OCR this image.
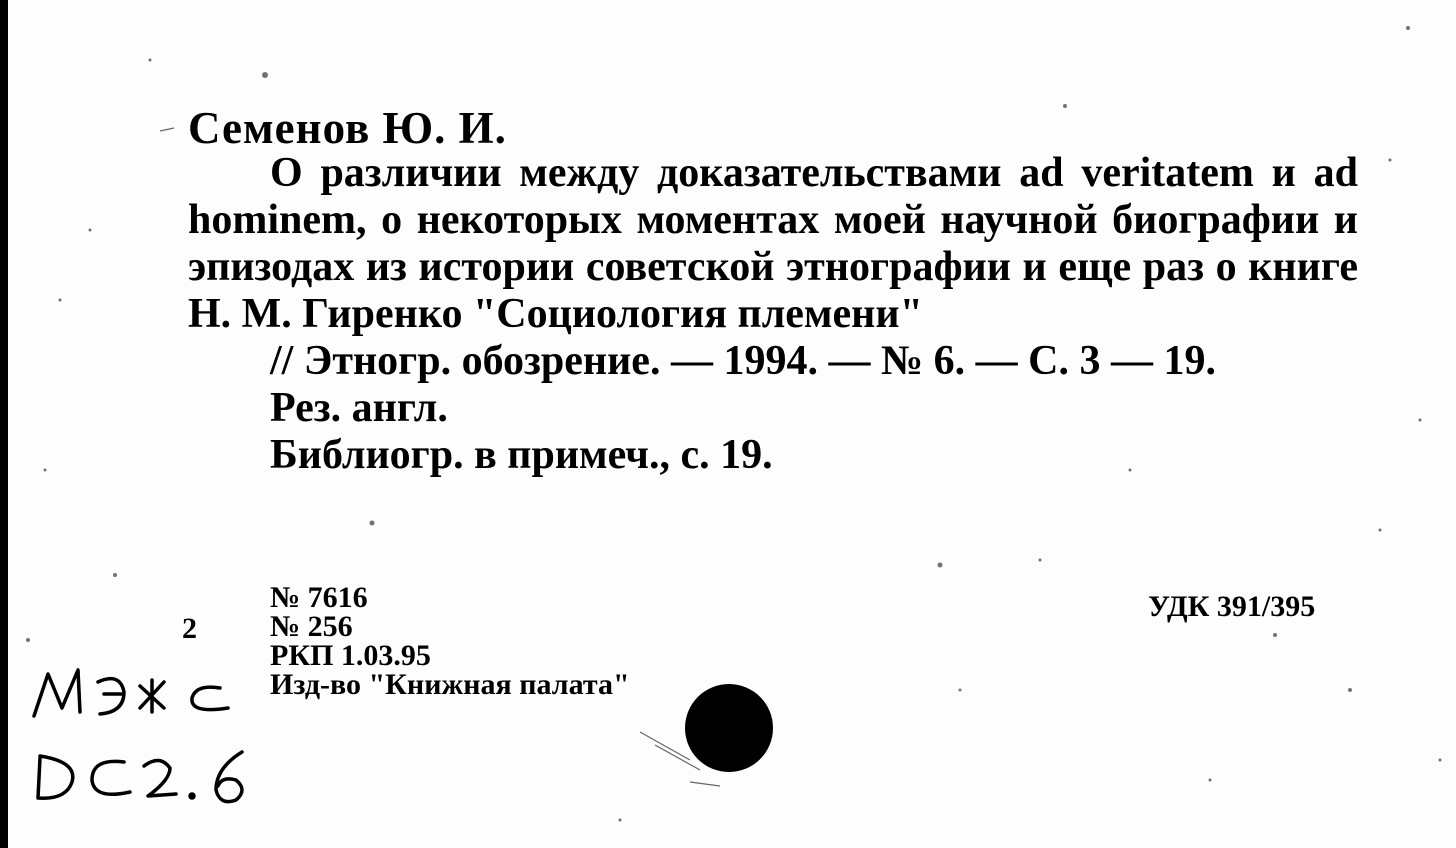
Семенов Ю. И.

О различии между доказательствами ad veritatem и ad hominem, о некоторых моментах моей научной биографии и эпизодах из истории советской этнографии и еще раз о книге Н. М. Гиренко "Социология племени"

// Этногр. обозрение. — 1994. — № 6. — С. 3 — 19.

Рез. англ.

Библиогр. в примеч., с. 19.

2
№ 7616
№ 256
РКП 1.03.95
Изд-во "Книжная палата"
УДК 391/395
